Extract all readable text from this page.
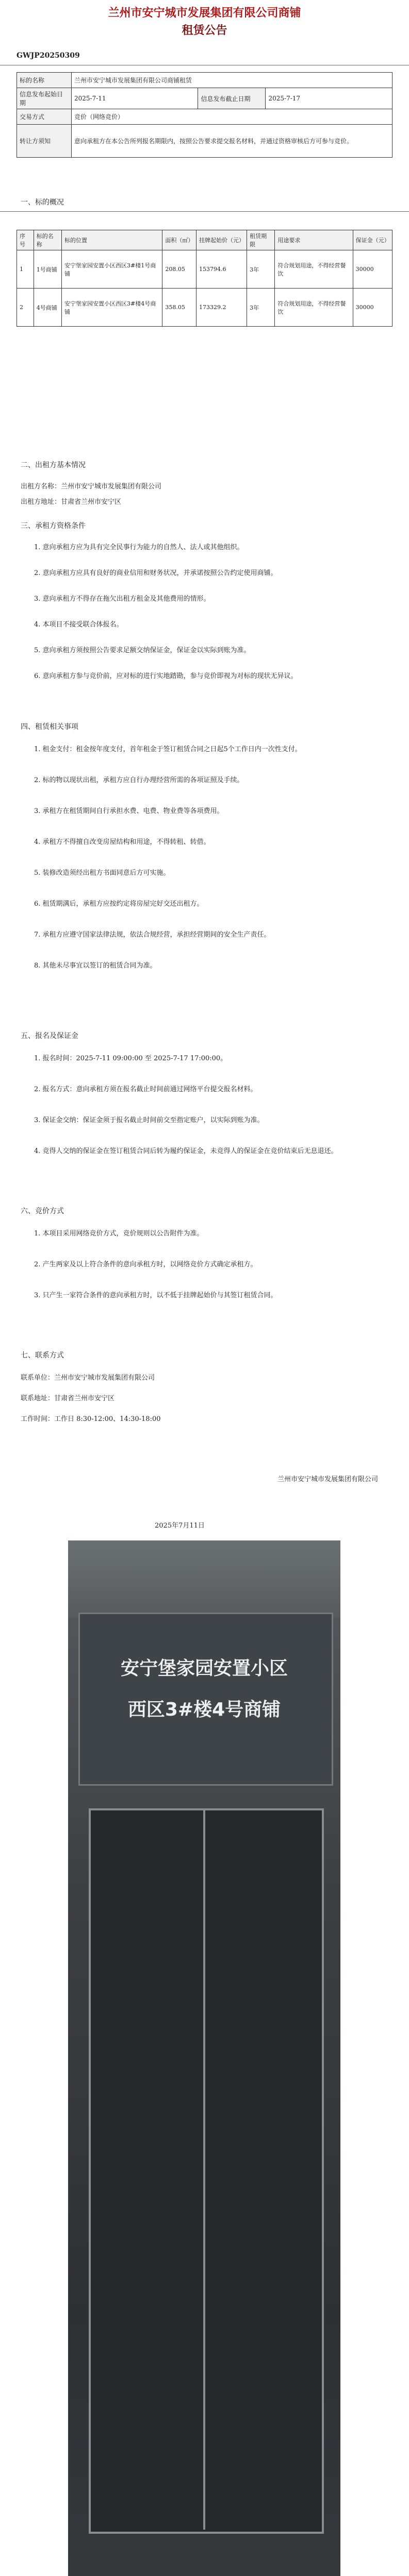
兰州市安宁城市发展集团有限公司商铺
租赁公告
GWJP20250309
标的名称	兰州市安宁城市发展集团有限公司商铺租赁		
信息发布起始日期	2025-7-11	信息发布截止日期	2025-7-17
交易方式	竞价（网络竞价）		
转让方须知	意向承租方在本公告所列报名期限内，按照公告要求提交报名材料，并通过资格审核后方可参与竞价。		
一、标的概况
序号	标的名称	标的位置	面积（㎡）	挂牌起始价（元）	租赁期限	用途要求	保证金（元）
1	1号商铺	安宁堡家园安置小区西区3#楼1号商铺	208.05	153794.6	3年	符合规划用途，不得经营餐饮	30000
2	4号商铺	安宁堡家园安置小区西区3#楼4号商铺	358.05	173329.2	3年	符合规划用途，不得经营餐饮	30000
二、出租方基本情况
出租方名称：兰州市安宁城市发展集团有限公司
出租方地址：甘肃省兰州市安宁区
三、承租方资格条件
1. 意向承租方应为具有完全民事行为能力的自然人、法人或其他组织。
2. 意向承租方应具有良好的商业信用和财务状况，并承诺按照公告约定使用商铺。
3. 意向承租方不得存在拖欠出租方租金及其他费用的情形。
4. 本项目不接受联合体报名。
5. 意向承租方须按照公告要求足额交纳保证金，保证金以实际到账为准。
6. 意向承租方参与竞价前，应对标的进行实地踏勘，参与竞价即视为对标的现状无异议。
四、租赁相关事项
1. 租金支付：租金按年度支付，首年租金于签订租赁合同之日起5个工作日内一次性支付。
2. 标的物以现状出租，承租方应自行办理经营所需的各项证照及手续。
3. 承租方在租赁期间自行承担水费、电费、物业费等各项费用。
4. 承租方不得擅自改变房屋结构和用途，不得转租、转借。
5. 装修改造须经出租方书面同意后方可实施。
6. 租赁期满后，承租方应按约定将房屋完好交还出租方。
7. 承租方应遵守国家法律法规，依法合规经营，承担经营期间的安全生产责任。
8. 其他未尽事宜以签订的租赁合同为准。
五、报名及保证金
1. 报名时间：2025-7-11 09:00:00 至 2025-7-17 17:00:00。
2. 报名方式：意向承租方须在报名截止时间前通过网络平台提交报名材料。
3. 保证金交纳：保证金须于报名截止时间前交至指定账户，以实际到账为准。
4. 竞得人交纳的保证金在签订租赁合同后转为履约保证金，未竞得人的保证金在竞价结束后无息退还。
六、竞价方式
1. 本项目采用网络竞价方式，竞价规则以公告附件为准。
2. 产生两家及以上符合条件的意向承租方时，以网络竞价方式确定承租方。
3. 只产生一家符合条件的意向承租方时，以不低于挂牌起始价与其签订租赁合同。
七、联系方式
联系单位：兰州市安宁城市发展集团有限公司
联系地址：甘肃省兰州市安宁区
工作时间：工作日 8:30-12:00、14:30-18:00
兰州市安宁城市发展集团有限公司
2025年7月11日
安宁堡家园安置小区
西区3#楼4号商铺
